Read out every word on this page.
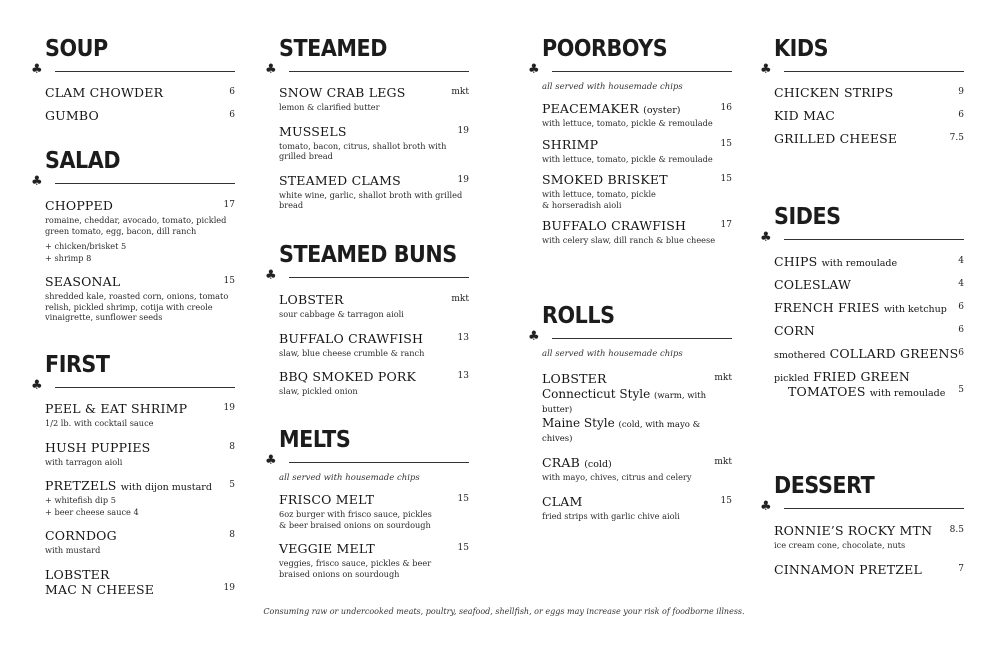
SOUP
♣
CLAM CHOWDER	6
GUMBO	6
SALAD
♣
CHOPPED	17
romaine, cheddar, avocado, tomato, pickled green tomato, egg, bacon, dill ranch
+ chicken/brisket 5
+ shrimp 8
SEASONAL	15
shredded kale, roasted corn, onions, tomato relish, pickled shrimp, cotija with creole vinaigrette, sunflower seeds
FIRST
♣
PEEL & EAT SHRIMP	19
1/2 lb. with cocktail sauce
HUSH PUPPIES	8
with tarragon aioli
PRETZELS with dijon mustard	5
+ whitefish dip 5
+ beer cheese sauce 4
CORNDOG	8
with mustard
LOBSTER
MAC N CHEESE	19
STEAMED
♣
SNOW CRAB LEGS	mkt
lemon & clarified butter
MUSSELS	19
tomato, bacon, citrus, shallot broth with grilled bread
STEAMED CLAMS	19
white wine, garlic, shallot broth with grilled bread
STEAMED BUNS
♣
LOBSTER	mkt
sour cabbage & tarragon aioli
BUFFALO CRAWFISH	13
slaw, blue cheese crumble & ranch
BBQ SMOKED PORK	13
slaw, pickled onion
MELTS
♣
all served with housemade chips
FRISCO MELT	15
6oz burger with frisco sauce, pickles & beer braised onions on sourdough
VEGGIE MELT	15
veggies, frisco sauce, pickles & beer braised onions on sourdough
POORBOYS
♣
all served with housemade chips
PEACEMAKER (oyster)	16
with lettuce, tomato, pickle & remoulade
SHRIMP	15
with lettuce, tomato, pickle & remoulade
SMOKED BRISKET	15
with lettuce, tomato, pickle & horseradish aioli
BUFFALO CRAWFISH	17
with celery slaw, dill ranch & blue cheese
ROLLS
♣
all served with housemade chips
LOBSTER	mkt
Connecticut Style (warm, with butter)
Maine Style (cold, with mayo & chives)
CRAB (cold)	mkt
with mayo, chives, citrus and celery
CLAM	15
fried strips with garlic chive aioli
KIDS
♣
CHICKEN STRIPS	9
KID MAC	6
GRILLED CHEESE	7.5
SIDES
♣
CHIPS with remoulade	4
COLESLAW	4
FRENCH FRIES with ketchup	6
CORN	6
smothered COLLARD GREENS 6
pickled FRIED GREEN
TOMATOES with remoulade	5
DESSERT
♣
RONNIE’S ROCKY MTN	8.5
ice cream cone, chocolate, nuts
CINNAMON PRETZEL	7
Consuming raw or undercooked meats, poultry, seafood, shellfish, or eggs may increase your risk of foodborne illness.
